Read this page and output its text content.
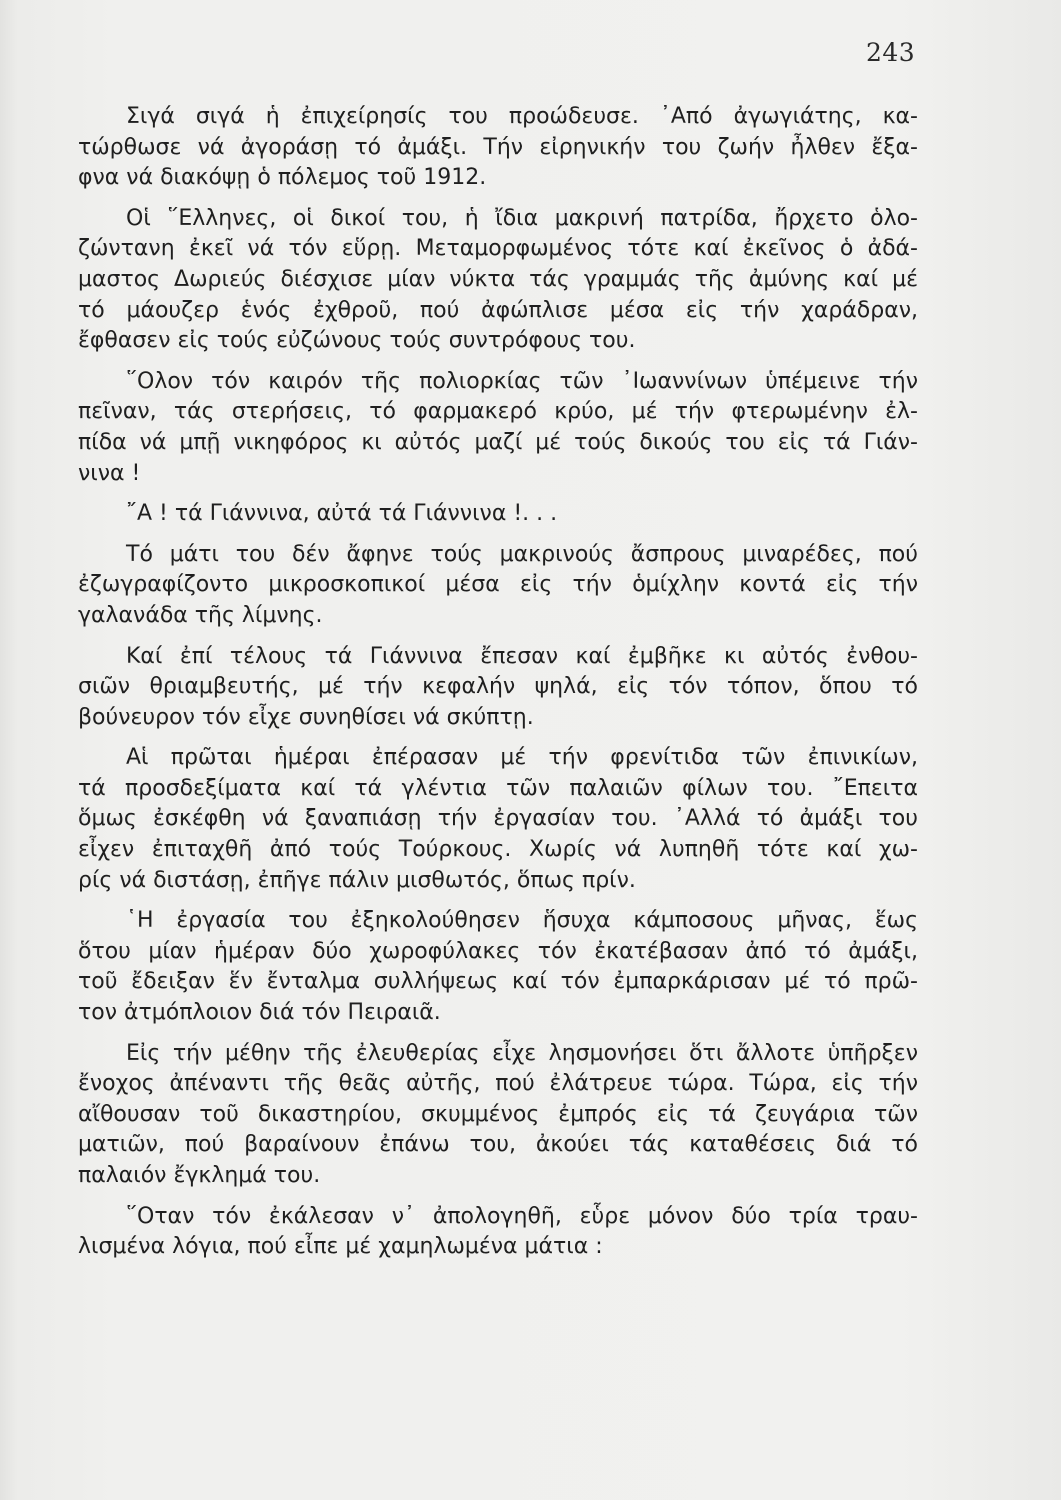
243
Σιγά σιγά ἡ ἐπιχείρησίς του προώδευσε. ᾽Από ἀγωγιάτης, κα-
τώρθωσε νά ἀγοράσῃ τό ἀμάξι. Τήν εἰρηνικήν του ζωήν ἦλθεν ἔξα-
φνα νά διακόψῃ ὁ πόλεμος τοῦ 1912.
Οἱ ῞Ελληνες, οἱ δικοί του, ἡ ἴδια μακρινή πατρίδα, ἤρχετο ὁλο-
ζώντανη ἐκεῖ νά τόν εὕρῃ. Μεταμορφωμένος τότε καί ἐκεῖνος ὁ ἀδά-
μαστος Δωριεύς διέσχισε μίαν νύκτα τάς γραμμάς τῆς ἀμύνης καί μέ
τό μάουζερ ἑνός ἐχθροῦ, πού ἀφώπλισε μέσα εἰς τήν χαράδραν,
ἔφθασεν εἰς τούς εὐζώνους τούς συντρόφους του.
῞Ολον τόν καιρόν τῆς πολιορκίας τῶν ᾽Ιωαννίνων ὑπέμεινε τήν
πεῖναν, τάς στερήσεις, τό φαρμακερό κρύο, μέ τήν φτερωμένην ἐλ-
πίδα νά μπῇ νικηφόρος κι αὐτός μαζί μέ τούς δικούς του εἰς τά Γιάν-
νινα !
῎Α ! τά Γιάννινα, αὐτά τά Γιάννινα !. . .
Τό μάτι του δέν ἄφηνε τούς μακρινούς ἄσπρους μιναρέδες, πού
ἐζωγραφίζοντο μικροσκοπικοί μέσα εἰς τήν ὁμίχλην κοντά εἰς τήν
γαλανάδα τῆς λίμνης.
Καί ἐπί τέλους τά Γιάννινα ἔπεσαν καί ἐμβῆκε κι αὐτός ἐνθου-
σιῶν θριαμβευτής, μέ τήν κεφαλήν ψηλά, εἰς τόν τόπον, ὅπου τό
βούνευρον τόν εἶχε συνηθίσει νά σκύπτῃ.
Αἱ πρῶται ἡμέραι ἐπέρασαν μέ τήν φρενίτιδα τῶν ἐπινικίων,
τά προσδεξίματα καί τά γλέντια τῶν παλαιῶν φίλων του. ῎Επειτα
ὅμως ἐσκέφθη νά ξαναπιάσῃ τήν ἐργασίαν του. ᾽Αλλά τό ἀμάξι του
εἶχεν ἐπιταχθῆ ἀπό τούς Τούρκους. Χωρίς νά λυπηθῆ τότε καί χω-
ρίς νά διστάσῃ, ἐπῆγε πάλιν μισθωτός, ὅπως πρίν.
῾Η ἐργασία του ἐξηκολούθησεν ἥσυχα κάμποσους μῆνας, ἕως
ὅτου μίαν ἡμέραν δύο χωροφύλακες τόν ἐκατέβασαν ἀπό τό ἀμάξι,
τοῦ ἔδειξαν ἕν ἔνταλμα συλλήψεως καί τόν ἐμπαρκάρισαν μέ τό πρῶ-
τον ἀτμόπλοιον διά τόν Πειραιᾶ.
Εἰς τήν μέθην τῆς ἐλευθερίας εἶχε λησμονήσει ὅτι ἄλλοτε ὑπῆρξεν
ἔνοχος ἀπέναντι τῆς θεᾶς αὐτῆς, πού ἐλάτρευε τώρα. Τώρα, εἰς τήν
αἴθουσαν τοῦ δικαστηρίου, σκυμμένος ἐμπρός εἰς τά ζευγάρια τῶν
ματιῶν, πού βαραίνουν ἐπάνω του, ἀκούει τάς καταθέσεις διά τό
παλαιόν ἔγκλημά του.
῞Οταν τόν ἐκάλεσαν ν᾽ ἀπολογηθῆ, εὗρε μόνον δύο τρία τραυ-
λισμένα λόγια, πού εἶπε μέ χαμηλωμένα μάτια :
